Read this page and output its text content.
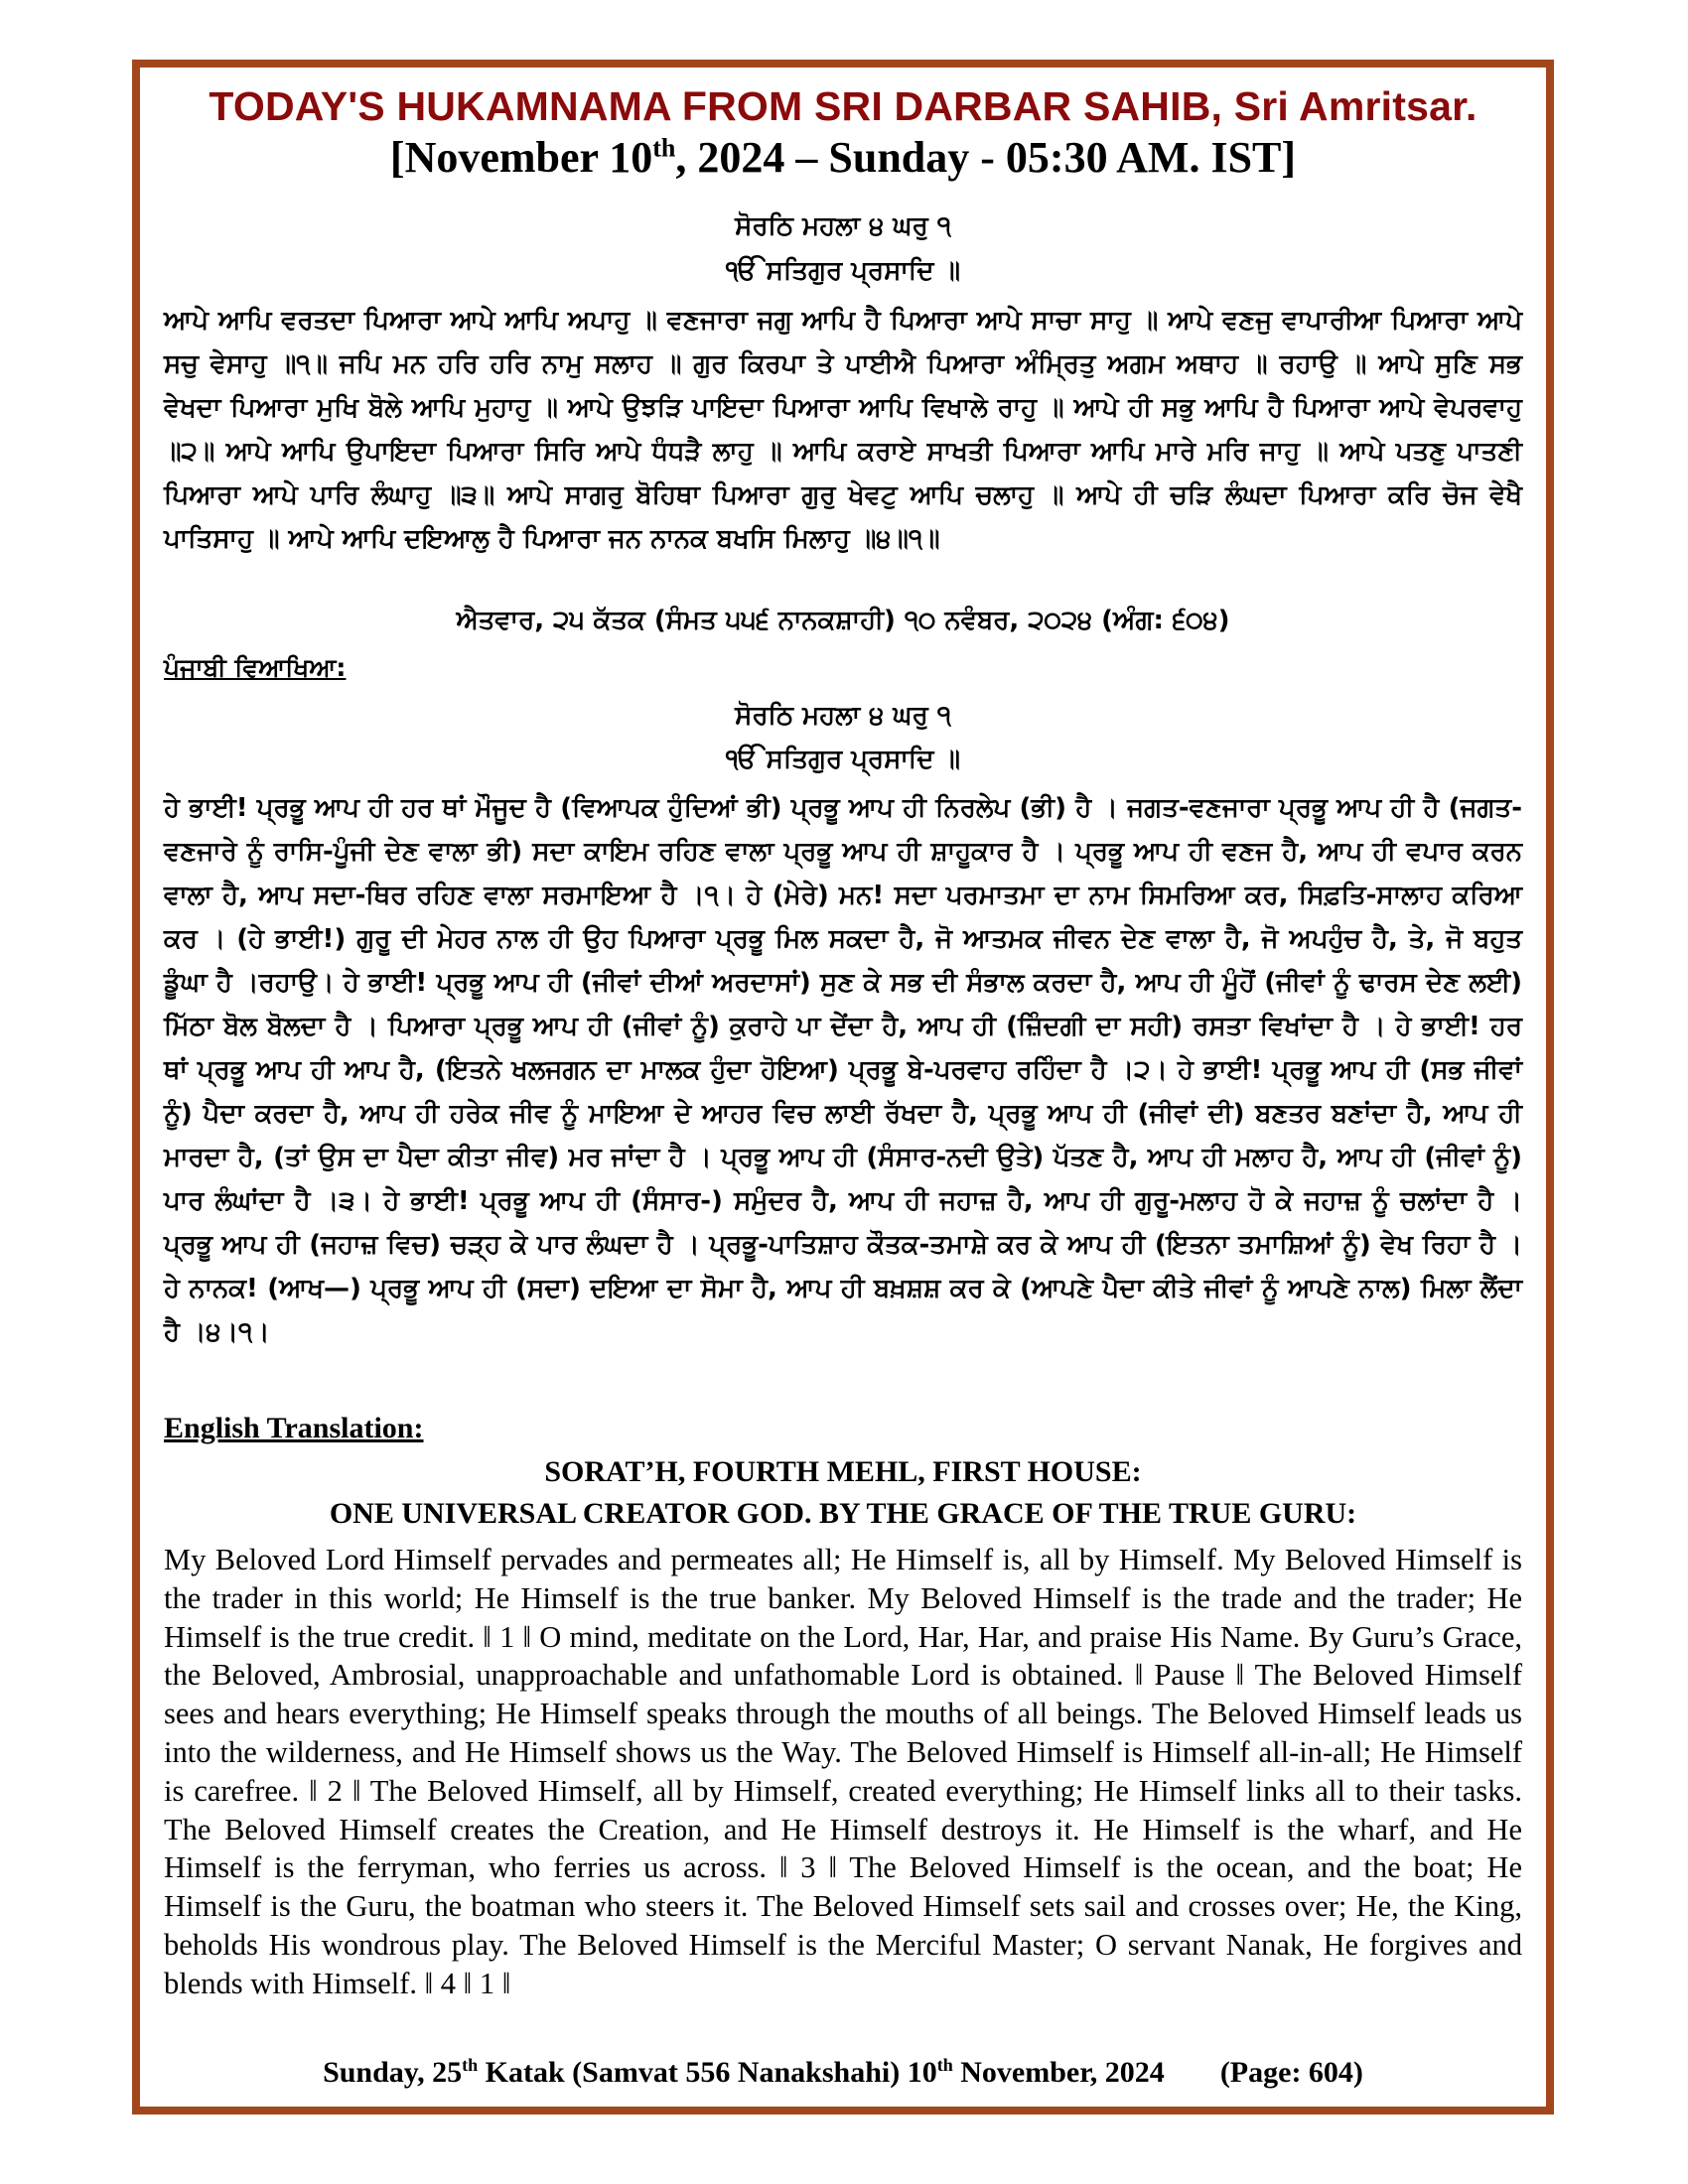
TODAY'S HUKAMNAMA FROM SRI DARBAR SAHIB, Sri Amritsar.
[November 10th, 2024 – Sunday - 05:30 AM. IST]
ਸੋਰਠਿ ਮਹਲਾ ੪ ਘਰੁ ੧
ੴ ਸਤਿਗੁਰ ਪ੍ਰਸਾਦਿ ॥
ਆਪੇ ਆਪਿ ਵਰਤਦਾ ਪਿਆਰਾ ਆਪੇ ਆਪਿ ਅਪਾਹੁ ॥ ਵਣਜਾਰਾ ਜਗੁ ਆਪਿ ਹੈ ਪਿਆਰਾ ਆਪੇ ਸਾਚਾ ਸਾਹੁ ॥ ਆਪੇ ਵਣਜੁ ਵਾਪਾਰੀਆ ਪਿਆਰਾ ਆਪੇ ਸਚੁ ਵੇਸਾਹੁ ॥੧॥ ਜਪਿ ਮਨ ਹਰਿ ਹਰਿ ਨਾਮੁ ਸਲਾਹ ॥ ਗੁਰ ਕਿਰਪਾ ਤੇ ਪਾਈਐ ਪਿਆਰਾ ਅੰਮ੍ਰਿਤੁ ਅਗਮ ਅਥਾਹ ॥ ਰਹਾਉ ॥ ਆਪੇ ਸੁਣਿ ਸਭ ਵੇਖਦਾ ਪਿਆਰਾ ਮੁਖਿ ਬੋਲੇ ਆਪਿ ਮੁਹਾਹੁ ॥ ਆਪੇ ਉਝੜਿ ਪਾਇਦਾ ਪਿਆਰਾ ਆਪਿ ਵਿਖਾਲੇ ਰਾਹੁ ॥ ਆਪੇ ਹੀ ਸਭੁ ਆਪਿ ਹੈ ਪਿਆਰਾ ਆਪੇ ਵੇਪਰਵਾਹੁ ॥੨॥ ਆਪੇ ਆਪਿ ਉਪਾਇਦਾ ਪਿਆਰਾ ਸਿਰਿ ਆਪੇ ਧੰਧੜੈ ਲਾਹੁ ॥ ਆਪਿ ਕਰਾਏ ਸਾਖਤੀ ਪਿਆਰਾ ਆਪਿ ਮਾਰੇ ਮਰਿ ਜਾਹੁ ॥ ਆਪੇ ਪਤਣੁ ਪਾਤਣੀ ਪਿਆਰਾ ਆਪੇ ਪਾਰਿ ਲੰਘਾਹੁ ॥੩॥ ਆਪੇ ਸਾਗਰੁ ਬੋਹਿਥਾ ਪਿਆਰਾ ਗੁਰੁ ਖੇਵਟੁ ਆਪਿ ਚਲਾਹੁ ॥ ਆਪੇ ਹੀ ਚੜਿ ਲੰਘਦਾ ਪਿਆਰਾ ਕਰਿ ਚੋਜ ਵੇਖੈ ਪਾਤਿਸਾਹੁ ॥ ਆਪੇ ਆਪਿ ਦਇਆਲੁ ਹੈ ਪਿਆਰਾ ਜਨ ਨਾਨਕ ਬਖਸਿ ਮਿਲਾਹੁ ॥੪॥੧॥
ਐਤਵਾਰ, ੨੫ ਕੱਤਕ (ਸੰਮਤ ੫੫੬ ਨਾਨਕਸ਼ਾਹੀ) ੧੦ ਨਵੰਬਰ, ੨੦੨੪ (ਅੰਗ: ੬੦੪)
ਪੰਜਾਬੀ ਵਿਆਖਿਆ:
ਸੋਰਠਿ ਮਹਲਾ ੪ ਘਰੁ ੧
ੴ ਸਤਿਗੁਰ ਪ੍ਰਸਾਦਿ ॥
ਹੇ ਭਾਈ! ਪ੍ਰਭੂ ਆਪ ਹੀ ਹਰ ਥਾਂ ਮੌਜੂਦ ਹੈ (ਵਿਆਪਕ ਹੁੰਦਿਆਂ ਭੀ) ਪ੍ਰਭੂ ਆਪ ਹੀ ਨਿਰਲੇਪ (ਭੀ) ਹੈ । ਜਗਤ-ਵਣਜਾਰਾ ਪ੍ਰਭੂ ਆਪ ਹੀ ਹੈ (ਜਗਤ-ਵਣਜਾਰੇ ਨੂੰ ਰਾਸਿ-ਪੂੰਜੀ ਦੇਣ ਵਾਲਾ ਭੀ) ਸਦਾ ਕਾਇਮ ਰਹਿਣ ਵਾਲਾ ਪ੍ਰਭੂ ਆਪ ਹੀ ਸ਼ਾਹੂਕਾਰ ਹੈ । ਪ੍ਰਭੂ ਆਪ ਹੀ ਵਣਜ ਹੈ, ਆਪ ਹੀ ਵਪਾਰ ਕਰਨ ਵਾਲਾ ਹੈ, ਆਪ ਸਦਾ-ਥਿਰ ਰਹਿਣ ਵਾਲਾ ਸਰਮਾਇਆ ਹੈ ।੧। ਹੇ (ਮੇਰੇ) ਮਨ! ਸਦਾ ਪਰਮਾਤਮਾ ਦਾ ਨਾਮ ਸਿਮਰਿਆ ਕਰ, ਸਿਫ਼ਤਿ-ਸਾਲਾਹ ਕਰਿਆ ਕਰ । (ਹੇ ਭਾਈ!) ਗੁਰੂ ਦੀ ਮੇਹਰ ਨਾਲ ਹੀ ਉਹ ਪਿਆਰਾ ਪ੍ਰਭੂ ਮਿਲ ਸਕਦਾ ਹੈ, ਜੋ ਆਤਮਕ ਜੀਵਨ ਦੇਣ ਵਾਲਾ ਹੈ, ਜੋ ਅਪਹੁੰਚ ਹੈ, ਤੇ, ਜੋ ਬਹੁਤ ਡੂੰਘਾ ਹੈ ।ਰਹਾਉ। ਹੇ ਭਾਈ! ਪ੍ਰਭੂ ਆਪ ਹੀ (ਜੀਵਾਂ ਦੀਆਂ ਅਰਦਾਸਾਂ) ਸੁਣ ਕੇ ਸਭ ਦੀ ਸੰਭਾਲ ਕਰਦਾ ਹੈ, ਆਪ ਹੀ ਮੂੰਹੋਂ (ਜੀਵਾਂ ਨੂੰ ਢਾਰਸ ਦੇਣ ਲਈ) ਮਿੱਠਾ ਬੋਲ ਬੋਲਦਾ ਹੈ । ਪਿਆਰਾ ਪ੍ਰਭੂ ਆਪ ਹੀ (ਜੀਵਾਂ ਨੂੰ) ਕੁਰਾਹੇ ਪਾ ਦੇਂਦਾ ਹੈ, ਆਪ ਹੀ (ਜ਼ਿੰਦਗੀ ਦਾ ਸਹੀ) ਰਸਤਾ ਵਿਖਾਂਦਾ ਹੈ । ਹੇ ਭਾਈ! ਹਰ ਥਾਂ ਪ੍ਰਭੂ ਆਪ ਹੀ ਆਪ ਹੈ, (ਇਤਨੇ ਖਲਜਗਨ ਦਾ ਮਾਲਕ ਹੁੰਦਾ ਹੋਇਆ) ਪ੍ਰਭੂ ਬੇ-ਪਰਵਾਹ ਰਹਿੰਦਾ ਹੈ ।੨। ਹੇ ਭਾਈ! ਪ੍ਰਭੂ ਆਪ ਹੀ (ਸਭ ਜੀਵਾਂ ਨੂੰ) ਪੈਦਾ ਕਰਦਾ ਹੈ, ਆਪ ਹੀ ਹਰੇਕ ਜੀਵ ਨੂੰ ਮਾਇਆ ਦੇ ਆਹਰ ਵਿਚ ਲਾਈ ਰੱਖਦਾ ਹੈ, ਪ੍ਰਭੂ ਆਪ ਹੀ (ਜੀਵਾਂ ਦੀ) ਬਣਤਰ ਬਣਾਂਦਾ ਹੈ, ਆਪ ਹੀ ਮਾਰਦਾ ਹੈ, (ਤਾਂ ਉਸ ਦਾ ਪੈਦਾ ਕੀਤਾ ਜੀਵ) ਮਰ ਜਾਂਦਾ ਹੈ । ਪ੍ਰਭੂ ਆਪ ਹੀ (ਸੰਸਾਰ-ਨਦੀ ਉਤੇ) ਪੱਤਣ ਹੈ, ਆਪ ਹੀ ਮਲਾਹ ਹੈ, ਆਪ ਹੀ (ਜੀਵਾਂ ਨੂੰ) ਪਾਰ ਲੰਘਾਂਦਾ ਹੈ ।੩। ਹੇ ਭਾਈ! ਪ੍ਰਭੂ ਆਪ ਹੀ (ਸੰਸਾਰ-) ਸਮੁੰਦਰ ਹੈ, ਆਪ ਹੀ ਜਹਾਜ਼ ਹੈ, ਆਪ ਹੀ ਗੁਰੂ-ਮਲਾਹ ਹੋ ਕੇ ਜਹਾਜ਼ ਨੂੰ ਚਲਾਂਦਾ ਹੈ । ਪ੍ਰਭੂ ਆਪ ਹੀ (ਜਹਾਜ਼ ਵਿਚ) ਚੜ੍ਹ ਕੇ ਪਾਰ ਲੰਘਦਾ ਹੈ । ਪ੍ਰਭੂ-ਪਾਤਿਸ਼ਾਹ ਕੌਤਕ-ਤਮਾਸ਼ੇ ਕਰ ਕੇ ਆਪ ਹੀ (ਇਤਨਾ ਤਮਾਸ਼ਿਆਂ ਨੂੰ) ਵੇਖ ਰਿਹਾ ਹੈ । ਹੇ ਨਾਨਕ! (ਆਖ—) ਪ੍ਰਭੂ ਆਪ ਹੀ (ਸਦਾ) ਦਇਆ ਦਾ ਸੋਮਾ ਹੈ, ਆਪ ਹੀ ਬਖ਼ਸ਼ਸ਼ ਕਰ ਕੇ (ਆਪਣੇ ਪੈਦਾ ਕੀਤੇ ਜੀਵਾਂ ਨੂੰ ਆਪਣੇ ਨਾਲ) ਮਿਲਾ ਲੈਂਦਾ ਹੈ ।੪।੧।
English Translation:
SORAT’H, FOURTH MEHL, FIRST HOUSE:
ONE UNIVERSAL CREATOR GOD. BY THE GRACE OF THE TRUE GURU:
My Beloved Lord Himself pervades and permeates all; He Himself is, all by Himself. My Beloved Himself is the trader in this world; He Himself is the true banker. My Beloved Himself is the trade and the trader; He Himself is the true credit. ‖ 1 ‖ O mind, meditate on the Lord, Har, Har, and praise His Name. By Guru’s Grace, the Beloved, Ambrosial, unapproachable and unfathomable Lord is obtained. ‖ Pause ‖ The Beloved Himself sees and hears everything; He Himself speaks through the mouths of all beings. The Beloved Himself leads us into the wilderness, and He Himself shows us the Way. The Beloved Himself is Himself all-in-all; He Himself is carefree. ‖ 2 ‖ The Beloved Himself, all by Himself, created everything; He Himself links all to their tasks. The Beloved Himself creates the Creation, and He Himself destroys it. He Himself is the wharf, and He Himself is the ferryman, who ferries us across. ‖ 3 ‖ The Beloved Himself is the ocean, and the boat; He Himself is the Guru, the boatman who steers it. The Beloved Himself sets sail and crosses over; He, the King, beholds His wondrous play. The Beloved Himself is the Merciful Master; O servant Nanak, He forgives and blends with Himself. ‖ 4 ‖ 1 ‖
Sunday, 25th Katak (Samvat 556 Nanakshahi) 10th November, 2024 (Page: 604)
